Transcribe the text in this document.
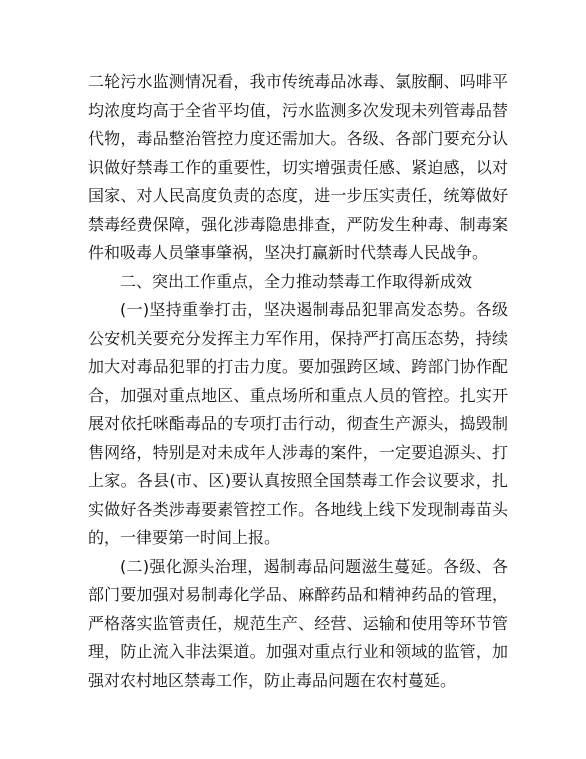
二轮污水监测情况看，我市传统毒品冰毒、氯胺酮、吗啡平均浓度均高于全省平均值，污水监测多次发现未列管毒品替代物，毒品整治管控力度还需加大。各级、各部门要充分认识做好禁毒工作的重要性，切实增强责任感、紧迫感，以对国家、对人民高度负责的态度，进一步压实责任，统筹做好禁毒经费保障，强化涉毒隐患排查，严防发生种毒、制毒案件和吸毒人员肇事肇祸，坚决打赢新时代禁毒人民战争。

二、突出工作重点，全力推动禁毒工作取得新成效

(一)坚持重拳打击，坚决遏制毒品犯罪高发态势。各级公安机关要充分发挥主力军作用，保持严打高压态势，持续加大对毒品犯罪的打击力度。要加强跨区域、跨部门协作配合，加强对重点地区、重点场所和重点人员的管控。扎实开展对依托咪酯毒品的专项打击行动，彻查生产源头，捣毁制售网络，特别是对未成年人涉毒的案件，一定要追源头、打上家。各县(市、区)要认真按照全国禁毒工作会议要求，扎实做好各类涉毒要素管控工作。各地线上线下发现制毒苗头的，一律要第一时间上报。

(二)强化源头治理，遏制毒品问题滋生蔓延。各级、各部门要加强对易制毒化学品、麻醉药品和精神药品的管理，严格落实监管责任，规范生产、经营、运输和使用等环节管理，防止流入非法渠道。加强对重点行业和领域的监管，加强对农村地区禁毒工作，防止毒品问题在农村蔓延。
